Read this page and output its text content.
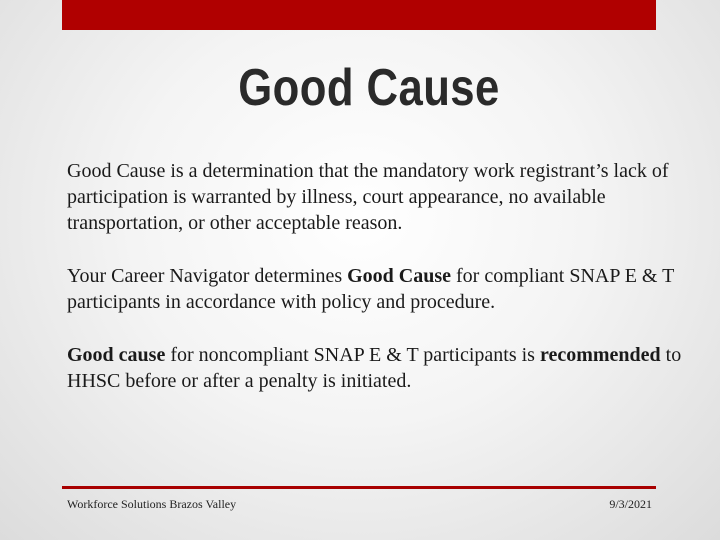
Good Cause

Good Cause is a determination that the mandatory work registrant’s lack of participation is warranted by illness, court appearance, no available transportation, or other acceptable reason.

Your Career Navigator determines Good Cause for compliant SNAP E & T participants in accordance with policy and procedure.

Good cause for noncompliant SNAP E & T participants is recommended to HHSC before or after a penalty is initiated.

Workforce Solutions Brazos Valley	9/3/2021
